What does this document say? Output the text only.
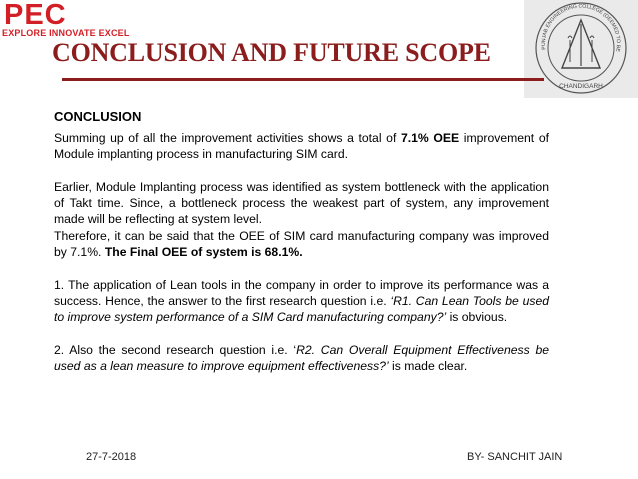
PEC
EXPLORE INNOVATE EXCEL
PUNJAB ENGINEERING COLLEGE (DEEMED TO BE
CHANDIGARH
CONCLUSION AND FUTURE SCOPE
CONCLUSION

Summing up of all the improvement activities shows a total of 7.1% OEE improvement of Module implanting process in manufacturing SIM card.

Earlier, Module Implanting process was identified as system bottleneck with the application of Takt time. Since, a bottleneck process the weakest part of system, any improvement made will be reflecting at system level.

Therefore, it can be said that the OEE of SIM card manufacturing company was improved by 7.1%. The Final OEE of system is 68.1%.

1. The application of Lean tools in the company in order to improve its performance was a success. Hence, the answer to the first research question i.e. ‘R1. Can Lean Tools be used to improve system performance of a SIM Card manufacturing company?’ is obvious.

2. Also the second research question i.e. ‘R2. Can Overall Equipment Effectiveness be used as a lean measure to improve equipment effectiveness?’ is made clear.

27-7-2018	BY- SANCHIT JAIN
